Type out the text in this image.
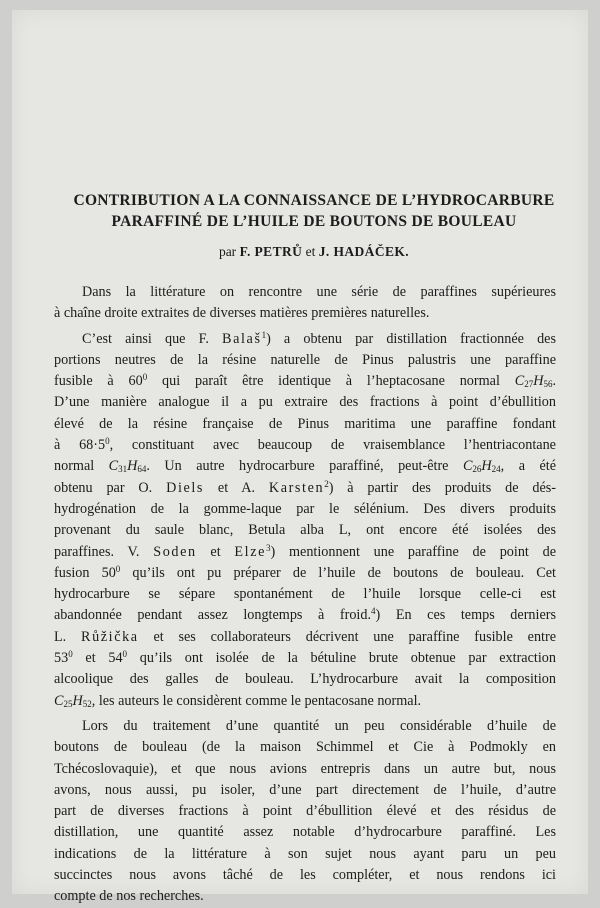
CONTRIBUTION A LA CONNAISSANCE DE L’HYDROCARBURE
PARAFFINÉ DE L’HUILE DE BOUTONS DE BOULEAU
par F. PETRŮ et J. HADÁČEK.

Dans la littérature on rencontre une série de paraffines supérieures
à chaîne droite extraites de diverses matières premières naturelles.

C’est ainsi que F. Balaš$^1$) a obtenu par distillation fractionnée des
portions neutres de la résine naturelle de Pinus palustris une paraffine
fusible à $60^0$ qui paraît être identique à l’heptacosane normal $C_{27}H_{56}$.
D’une manière analogue il a pu extraire des fractions à point d’ébullition
élevé de la résine française de Pinus maritima une paraffine fondant
à $68\cdot 5^0$, constituant avec beaucoup de vraisemblance l’hentriacontane
normal $C_{31}H_{64}$. Un autre hydrocarbure paraffiné, peut-être $C_{26}H_{24}$, a été
obtenu par O. Diels et A. Karsten$^2$) à partir des produits de dés-
hydrogénation de la gomme-laque par le sélénium. Des divers produits
provenant du saule blanc, Betula alba L, ont encore été isolées des
paraffines. V. Soden et Elze$^3$) mentionnent une paraffine de point de
fusion $50^0$ qu’ils ont pu préparer de l’huile de boutons de bouleau. Cet
hydrocarbure se sépare spontanément de l’huile lorsque celle-ci est
abandonnée pendant assez longtemps à froid.$^4$) En ces temps derniers
L. Růžička et ses collaborateurs décrivent une paraffine fusible entre
$53^0$ et $54^0$ qu’ils ont isolée de la bétuline brute obtenue par extraction
alcoolique des galles de bouleau. L’hydrocarbure avait la composition
$C_{25}H_{52}$, les auteurs le considèrent comme le pentacosane normal.

Lors du traitement d’une quantité un peu considérable d’huile de
boutons de bouleau (de la maison Schimmel et Cie à Podmokly en
Tchécoslovaquie), et que nous avions entrepris dans un autre but, nous
avons, nous aussi, pu isoler, d’une part directement de l’huile, d’autre
part de diverses fractions à point d’ébullition élevé et des résidus de
distillation, une quantité assez notable d’hydrocarbure paraffiné. Les
indications de la littérature à son sujet nous ayant paru un peu
succinctes nous avons tâché de les compléter, et nous rendons ici
compte de nos recherches.
